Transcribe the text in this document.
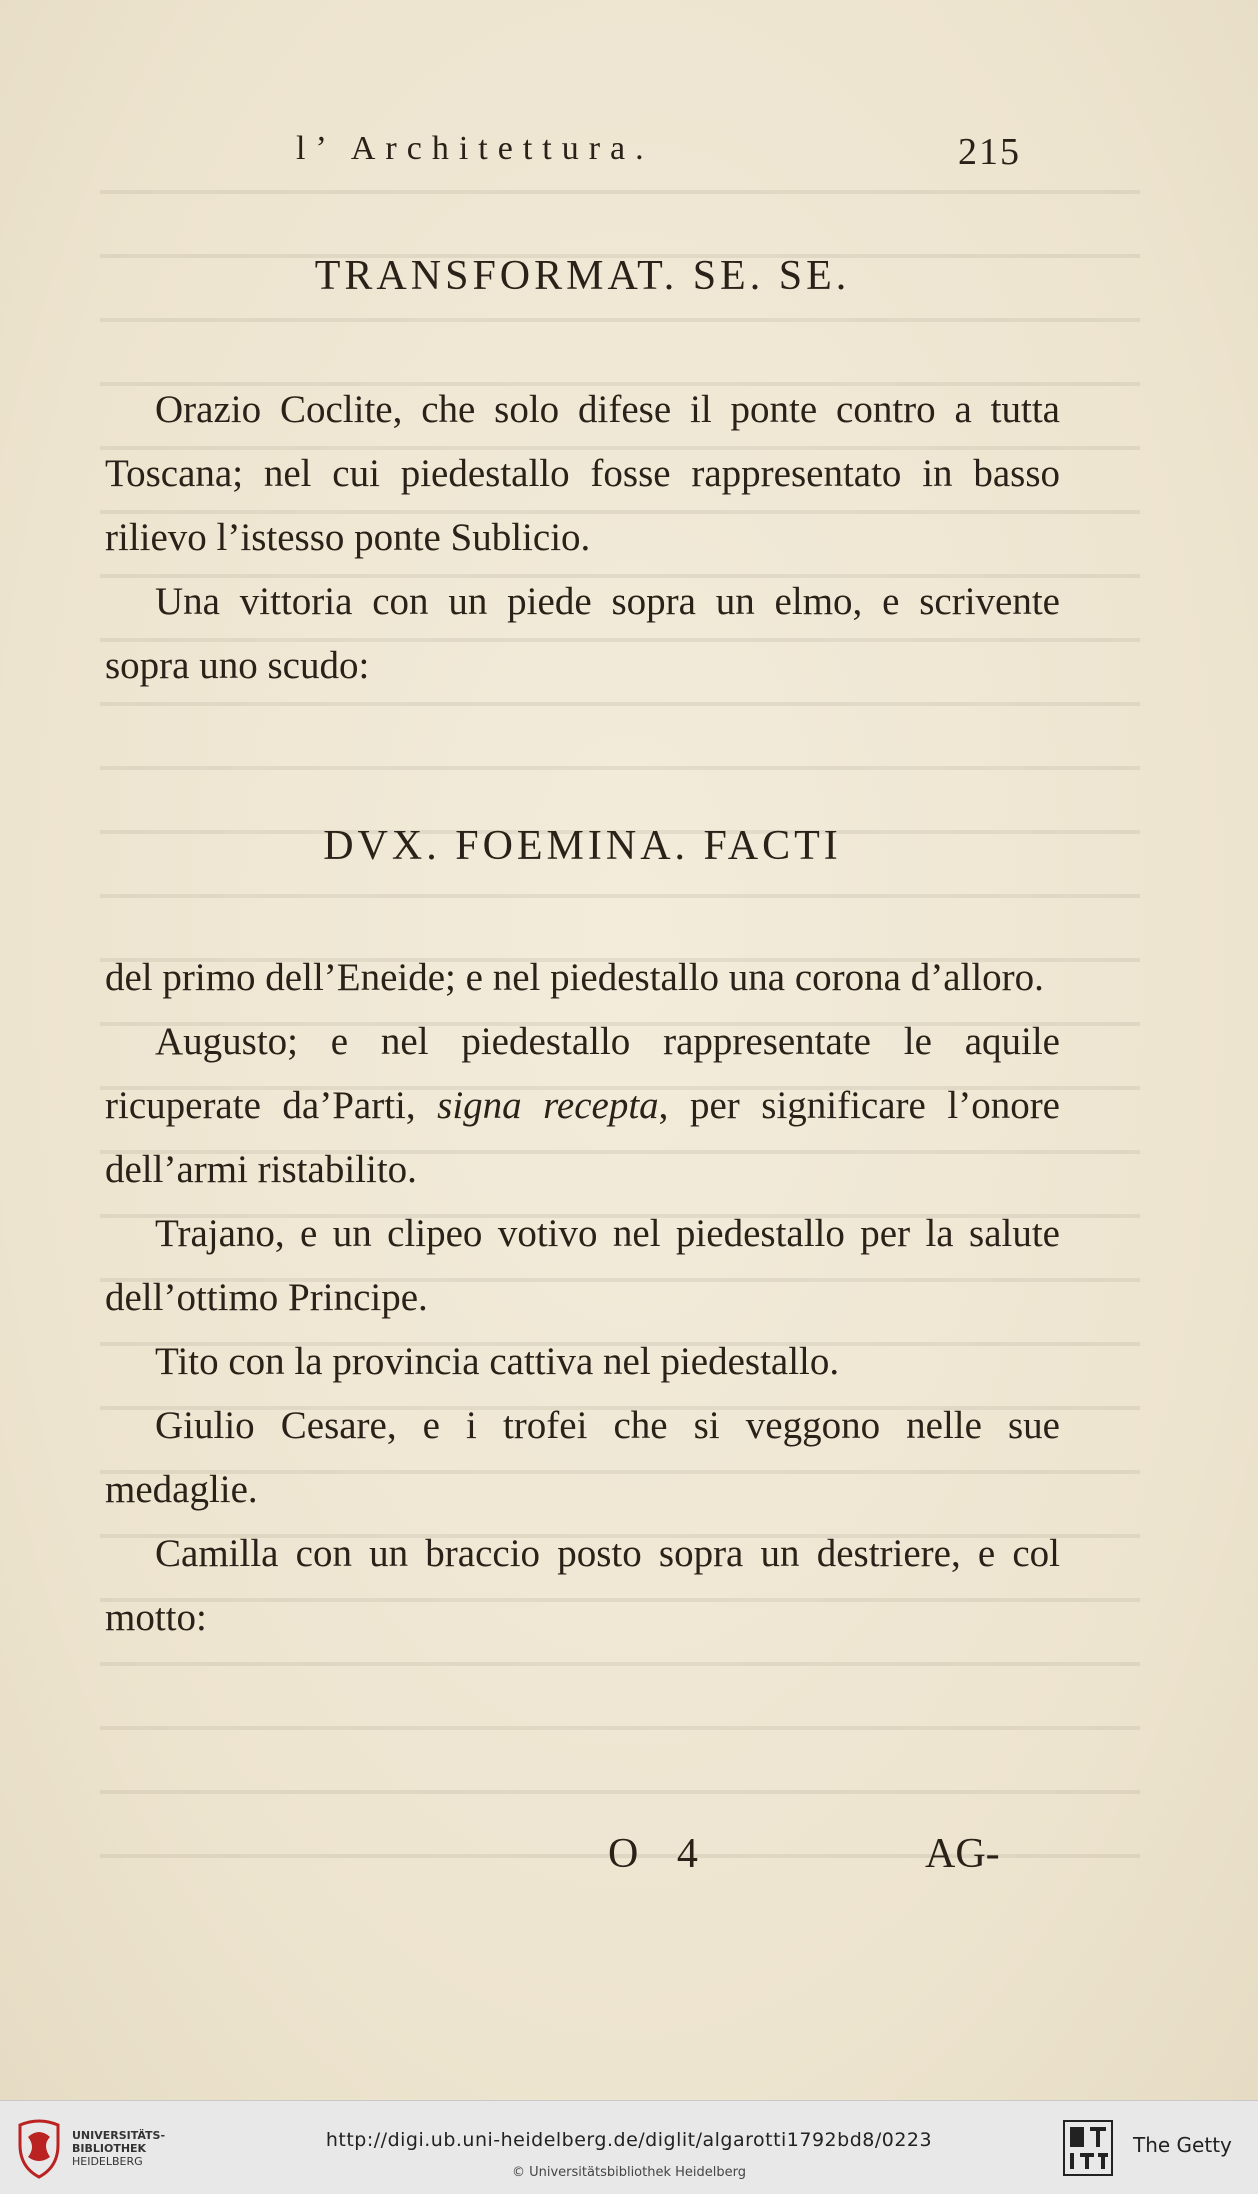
l’ Architettura.	215
TRANSFORMAT. SE. SE.

Orazio Coclite, che solo difese il ponte contro a tutta Toscana; nel cui piedestallo fosse rappresentato in basso rilievo l’istesso ponte Sublicio.

Una vittoria con un piede sopra un elmo, e scrivente sopra uno scudo:

DVX. FOEMINA. FACTI

del primo dell’Eneide; e nel piedestallo una corona d’alloro.

Augusto; e nel piedestallo rappresentate le aquile ricuperate da’Parti, signa recepta, per significare l’onore dell’armi ristabilito.

Trajano, e un clipeo votivo nel piedestallo per la salute dell’ottimo Principe.

Tito con la provincia cattiva nel piedestallo.

Giulio Cesare, e i trofei che si veggono nelle sue medaglie.

Camilla con un braccio posto sopra un destriere, e col motto:

O 4	AG-
UNIVERSITÄTS-
BIBLIOTHEK
HEIDELBERG
http://digi.ub.uni-heidelberg.de/diglit/algarotti1792bd8/0223
© Universitätsbibliothek Heidelberg
The Getty
